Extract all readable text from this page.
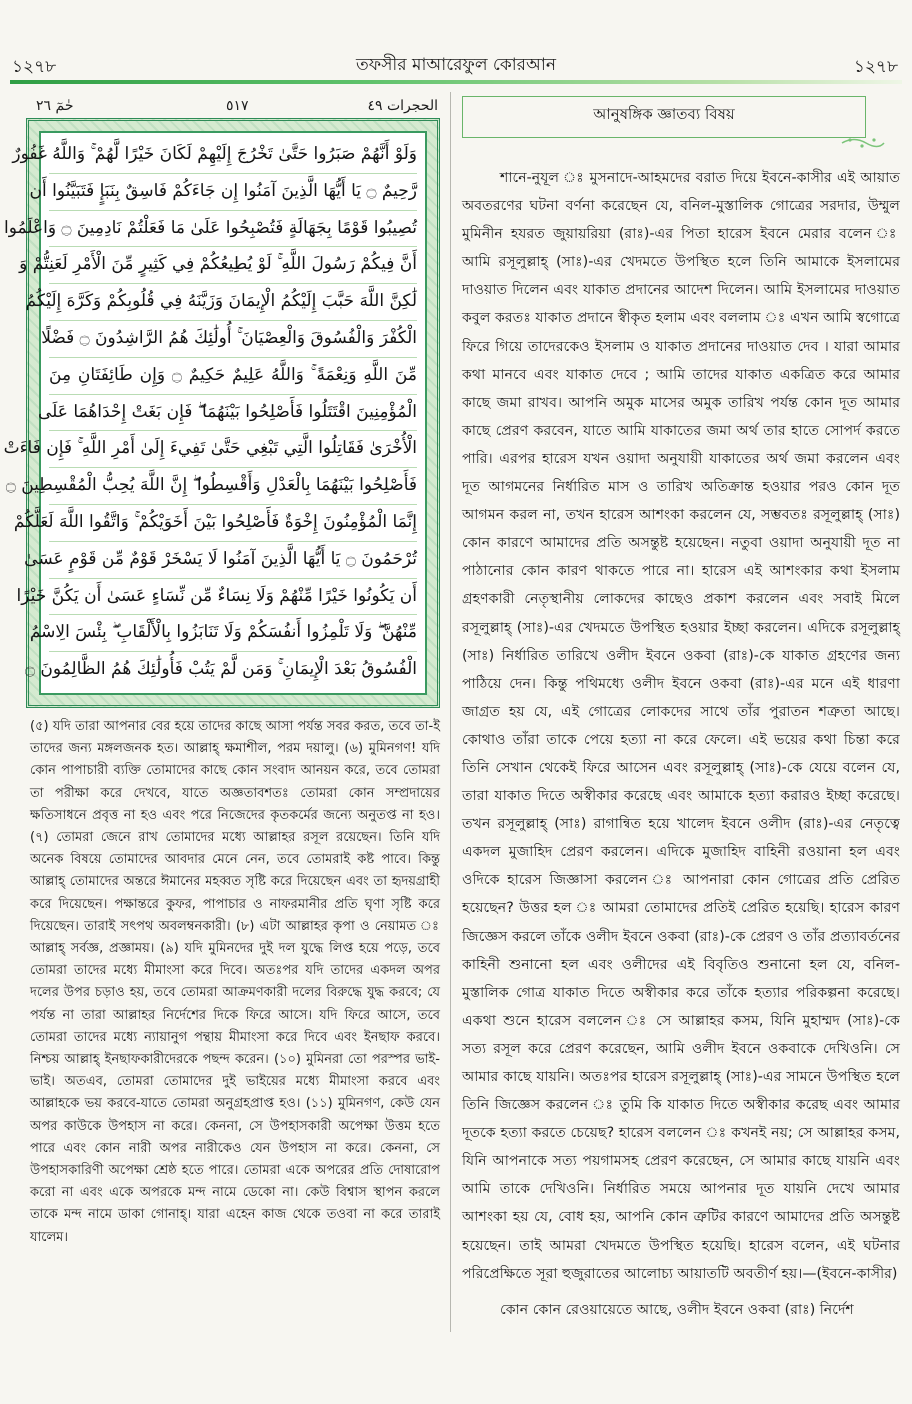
১২৭৮	তফসীর মাআরেফুল কোরআন	১২৭৮
الحجرات ٤٩
٥١٧
حٰمٓ ٢٦
وَلَوْ أَنَّهُمْ صَبَرُوا حَتَّىٰ تَخْرُجَ إِلَيْهِمْ لَكَانَ خَيْرًا لَّهُمْ ۚ وَاللَّهُ غَفُورٌ
رَّحِيمٌ ۝ يَا أَيُّهَا الَّذِينَ آمَنُوا إِن جَاءَكُمْ فَاسِقٌ بِنَبَإٍ فَتَبَيَّنُوا أَن
تُصِيبُوا قَوْمًا بِجَهَالَةٍ فَتُصْبِحُوا عَلَىٰ مَا فَعَلْتُمْ نَادِمِينَ ۝ وَاعْلَمُوا
أَنَّ فِيكُمْ رَسُولَ اللَّهِ ۚ لَوْ يُطِيعُكُمْ فِي كَثِيرٍ مِّنَ الْأَمْرِ لَعَنِتُّمْ وَ
لَٰكِنَّ اللَّهَ حَبَّبَ إِلَيْكُمُ الْإِيمَانَ وَزَيَّنَهُ فِي قُلُوبِكُمْ وَكَرَّهَ إِلَيْكُمُ
الْكُفْرَ وَالْفُسُوقَ وَالْعِصْيَانَ ۚ أُولَٰئِكَ هُمُ الرَّاشِدُونَ ۝ فَضْلًا
مِّنَ اللَّهِ وَنِعْمَةً ۚ وَاللَّهُ عَلِيمٌ حَكِيمٌ ۝ وَإِن طَائِفَتَانِ مِنَ
الْمُؤْمِنِينَ اقْتَتَلُوا فَأَصْلِحُوا بَيْنَهُمَا ۖ فَإِن بَغَتْ إِحْدَاهُمَا عَلَى
الْأُخْرَىٰ فَقَاتِلُوا الَّتِي تَبْغِي حَتَّىٰ تَفِيءَ إِلَىٰ أَمْرِ اللَّهِ ۚ فَإِن فَاءَتْ
فَأَصْلِحُوا بَيْنَهُمَا بِالْعَدْلِ وَأَقْسِطُوا ۖ إِنَّ اللَّهَ يُحِبُّ الْمُقْسِطِينَ ۝
إِنَّمَا الْمُؤْمِنُونَ إِخْوَةٌ فَأَصْلِحُوا بَيْنَ أَخَوَيْكُمْ ۚ وَاتَّقُوا اللَّهَ لَعَلَّكُمْ
تُرْحَمُونَ ۝ يَا أَيُّهَا الَّذِينَ آمَنُوا لَا يَسْخَرْ قَوْمٌ مِّن قَوْمٍ عَسَىٰ
أَن يَكُونُوا خَيْرًا مِّنْهُمْ وَلَا نِسَاءٌ مِّن نِّسَاءٍ عَسَىٰ أَن يَكُنَّ خَيْرًا
مِّنْهُنَّ ۖ وَلَا تَلْمِزُوا أَنفُسَكُمْ وَلَا تَنَابَزُوا بِالْأَلْقَابِ ۖ بِئْسَ الِاسْمُ
الْفُسُوقُ بَعْدَ الْإِيمَانِ ۚ وَمَن لَّمْ يَتُبْ فَأُولَٰئِكَ هُمُ الظَّالِمُونَ ۝

(৫) যদি তারা আপনার বের হয়ে তাদের কাছে আসা পর্যন্ত সবর করত, তবে তা-ই তাদের জন্য মঙ্গলজনক হত। আল্লাহ্ ক্ষমাশীল, পরম দয়ালু। (৬) মুমিনগণ! যদি কোন পাপাচারী ব্যক্তি তোমাদের কাছে কোন সংবাদ আনয়ন করে, তবে তোমরা তা পরীক্ষা করে দেখবে, যাতে অজ্ঞতাবশতঃ তোমরা কোন সম্প্রদায়ের ক্ষতিসাধনে প্রবৃত্ত না হও এবং পরে নিজেদের কৃতকর্মের জন্যে অনুতপ্ত না হও। (৭) তোমরা জেনে রাখ তোমাদের মধ্যে আল্লাহর রসূল রয়েছেন। তিনি যদি অনেক বিষয়ে তোমাদের আবদার মেনে নেন, তবে তোমরাই কষ্ট পাবে। কিন্তু আল্লাহ্ তোমাদের অন্তরে ঈমানের মহব্বত সৃষ্টি করে দিয়েছেন এবং তা হৃদয়গ্রাহী করে দিয়েছেন। পক্ষান্তরে কুফর, পাপাচার ও নাফরমানীর প্রতি ঘৃণা সৃষ্টি করে দিয়েছেন। তারাই সৎপথ অবলম্বনকারী। (৮) এটা আল্লাহর কৃপা ও নেয়ামত ঃ আল্লাহ্ সর্বজ্ঞ, প্রজ্ঞাময়। (৯) যদি মুমিনদের দুই দল যুদ্ধে লিপ্ত হয়ে পড়ে, তবে তোমরা তাদের মধ্যে মীমাংসা করে দিবে। অতঃপর যদি তাদের একদল অপর দলের উপর চড়াও হয়, তবে তোমরা আক্রমণকারী দলের বিরুদ্ধে যুদ্ধ করবে; যে পর্যন্ত না তারা আল্লাহর নির্দেশের দিকে ফিরে আসে। যদি ফিরে আসে, তবে তোমরা তাদের মধ্যে ন্যায়ানুগ পন্থায় মীমাংসা করে দিবে এবং ইনছাফ করবে। নিশ্চয় আল্লাহ্ ইনছাফকারীদেরকে পছন্দ করেন। (১০) মুমিনরা তো পরস্পর ভাই-ভাই। অতএব, তোমরা তোমাদের দুই ভাইয়ের মধ্যে মীমাংসা করবে এবং আল্লাহকে ভয় করবে-যাতে তোমরা অনুগ্রহপ্রাপ্ত হও। (১১) মুমিনগণ, কেউ যেন অপর কাউকে উপহাস না করে। কেননা, সে উপহাসকারী অপেক্ষা উত্তম হতে পারে এবং কোন নারী অপর নারীকেও যেন উপহাস না করে। কেননা, সে উপহাসকারিণী অপেক্ষা শ্রেষ্ঠ হতে পারে। তোমরা একে অপরের প্রতি দোষারোপ করো না এবং একে অপরকে মন্দ নামে ডেকো না। কেউ বিশ্বাস স্থাপন করলে তাকে মন্দ নামে ডাকা গোনাহ্। যারা এহেন কাজ থেকে তওবা না করে তারাই যালেম।

আনুষঙ্গিক জ্ঞাতব্য বিষয়

শানে-নুযূল ঃ মুসনাদে-আহমদের বরাত দিয়ে ইবনে-কাসীর এই আয়াত অবতরণের ঘটনা বর্ণনা করেছেন যে, বনিল-মুস্তালিক গোত্রের সরদার, উম্মুল মুমিনীন হযরত জুয়ায়রিয়া (রাঃ)-এর পিতা হারেস ইবনে মেরার বলেন ঃ আমি রসূলুল্লাহ্ (সাঃ)-এর খেদমতে উপস্থিত হলে তিনি আমাকে ইসলামের দাওয়াত দিলেন এবং যাকাত প্রদানের আদেশ দিলেন। আমি ইসলামের দাওয়াত কবুল করতঃ যাকাত প্রদানে স্বীকৃত হলাম এবং বললাম ঃ এখন আমি স্বগোত্রে ফিরে গিয়ে তাদেরকেও ইসলাম ও যাকাত প্রদানের দাওয়াত দেব । যারা আমার কথা মানবে এবং যাকাত দেবে ; আমি তাদের যাকাত একত্রিত করে আমার কাছে জমা রাখব। আপনি অমুক মাসের অমুক তারিখ পর্যন্ত কোন দূত আমার কাছে প্রেরণ করবেন, যাতে আমি যাকাতের জমা অর্থ তার হাতে সোপর্দ করতে পারি। এরপর হারেস যখন ওয়াদা অনুযায়ী যাকাতের অর্থ জমা করলেন এবং দূত আগমনের নির্ধারিত মাস ও তারিখ অতিক্রান্ত হওয়ার পরও কোন দূত আগমন করল না, তখন হারেস আশংকা করলেন যে, সম্ভবতঃ রসূলুল্লাহ্ (সাঃ) কোন কারণে আমাদের প্রতি অসন্তুষ্ট হয়েছেন। নতুবা ওয়াদা অনুযায়ী দূত না পাঠানোর কোন কারণ থাকতে পারে না। হারেস এই আশংকার কথা ইসলাম গ্রহণকারী নেতৃস্থানীয় লোকদের কাছেও প্রকাশ করলেন এবং সবাই মিলে রসূলুল্লাহ্ (সাঃ)-এর খেদমতে উপস্থিত হওয়ার ইচ্ছা করলেন। এদিকে রসূলুল্লাহ্ (সাঃ) নির্ধারিত তারিখে ওলীদ ইবনে ওকবা (রাঃ)-কে যাকাত গ্রহণের জন্য পাঠিয়ে দেন। কিন্তু পথিমধ্যে ওলীদ ইবনে ওকবা (রাঃ)-এর মনে এই ধারণা জাগ্রত হয় যে, এই গোত্রের লোকদের সাথে তাঁর পুরাতন শত্রুতা আছে। কোথাও তাঁরা তাকে পেয়ে হত্যা না করে ফেলে। এই ভয়ের কথা চিন্তা করে তিনি সেখান থেকেই ফিরে আসেন এবং রসূলুল্লাহ্ (সাঃ)-কে যেয়ে বলেন যে, তারা যাকাত দিতে অস্বীকার করেছে এবং আমাকে হত্যা করারও ইচ্ছা করেছে। তখন রসূলুল্লাহ্ (সাঃ) রাগান্বিত হয়ে খালেদ ইবনে ওলীদ (রাঃ)-এর নেতৃত্বে একদল মুজাহিদ প্রেরণ করলেন। এদিকে মুজাহিদ বাহিনী রওয়ানা হল এবং ওদিকে হারেস জিজ্ঞাসা করলেন ঃ আপনারা কোন গোত্রের প্রতি প্রেরিত হয়েছেন? উত্তর হল ঃ আমরা তোমাদের প্রতিই প্রেরিত হয়েছি। হারেস কারণ জিজ্ঞেস করলে তাঁকে ওলীদ ইবনে ওকবা (রাঃ)-কে প্রেরণ ও তাঁর প্রত্যাবর্তনের কাহিনী শুনানো হল এবং ওলীদের এই বিবৃতিও শুনানো হল যে, বনিল-মুস্তালিক গোত্র যাকাত দিতে অস্বীকার করে তাঁকে হত্যার পরিকল্পনা করেছে। একথা শুনে হারেস বললেন ঃ সে আল্লাহর কসম, যিনি মুহাম্মদ (সাঃ)-কে সত্য রসূল করে প্রেরণ করেছেন, আমি ওলীদ ইবনে ওকবাকে দেখিওনি। সে আমার কাছে যায়নি। অতঃপর হারেস রসূলুল্লাহ্ (সাঃ)-এর সামনে উপস্থিত হলে তিনি জিজ্ঞেস করলেন ঃ তুমি কি যাকাত দিতে অস্বীকার করেছ এবং আমার দূতকে হত্যা করতে চেয়েছ? হারেস বললেন ঃ কখনই নয়; সে আল্লাহর কসম, যিনি আপনাকে সত্য পয়গামসহ প্রেরণ করেছেন, সে আমার কাছে যায়নি এবং আমি তাকে দেখিওনি। নির্ধারিত সময়ে আপনার দূত যায়নি দেখে আমার আশংকা হয় যে, বোধ হয়, আপনি কোন ত্রুটির কারণে আমাদের প্রতি অসন্তুষ্ট হয়েছেন। তাই আমরা খেদমতে উপস্থিত হয়েছি। হারেস বলেন, এই ঘটনার পরিপ্রেক্ষিতে সূরা হুজুরাতের আলোচ্য আয়াতটি অবতীর্ণ হয়।—(ইবনে-কাসীর)

কোন কোন রেওয়ায়েতে আছে, ওলীদ ইবনে ওকবা (রাঃ) নির্দেশ
